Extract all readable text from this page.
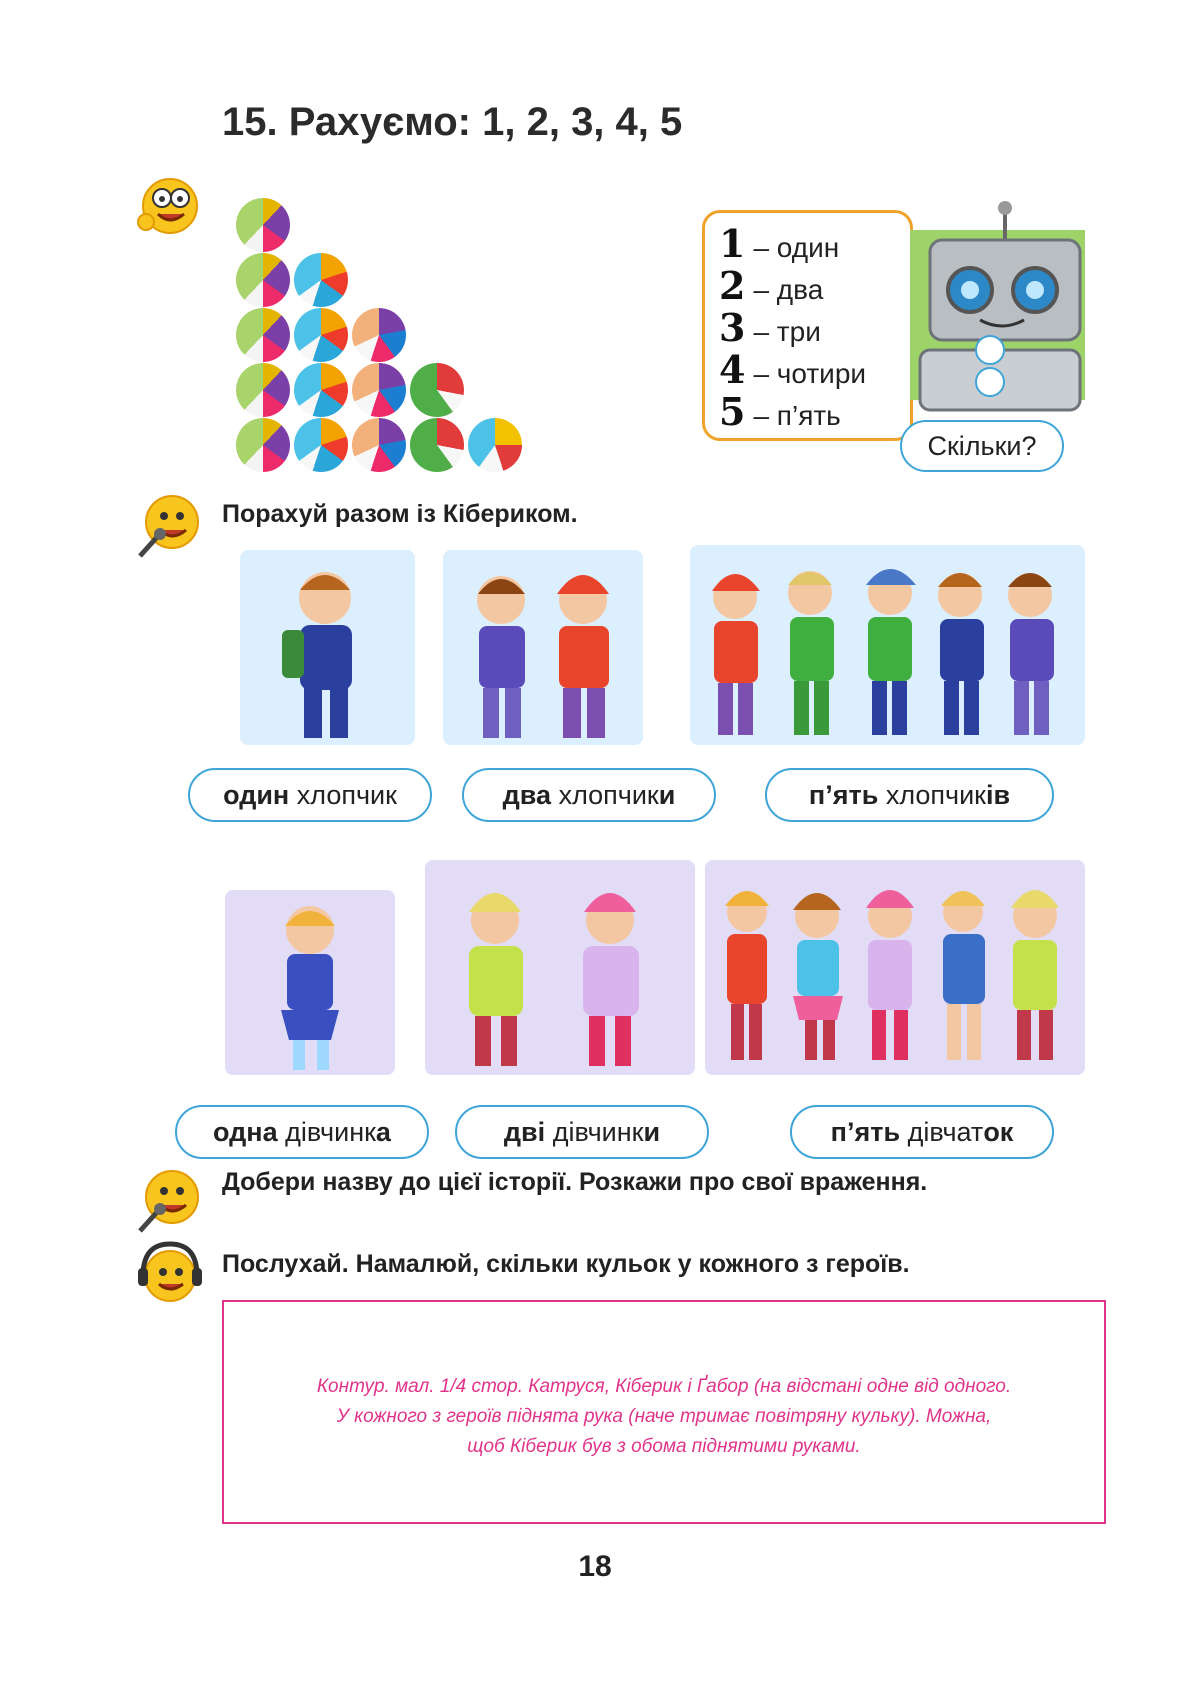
15. Рахуємо: 1, 2, 3, 4, 5
1 – один
2 – два
3 – три
4 – чотири
5 – п’ять
Скільки?
Порахуй разом із Кібериком.
один
хлопчик	два
хлопчик и	п’ять
хлопчик ів
одна
дівчинк а	дві
дівчинк и	п’ять
дівчат ок
Добери назву до цієї історії. Розкажи про свої враження.
Послухай. Намалюй, скільки кульок у кожного з героїв.
Контур. мал. 1/4 стор. Катруся, Кіберик і Ґабор (на відстані одне від одного.
У кожного з героїв піднята рука (наче тримає повітряну кульку). Можна,
щоб Кіберик був з обома піднятими руками.
18
